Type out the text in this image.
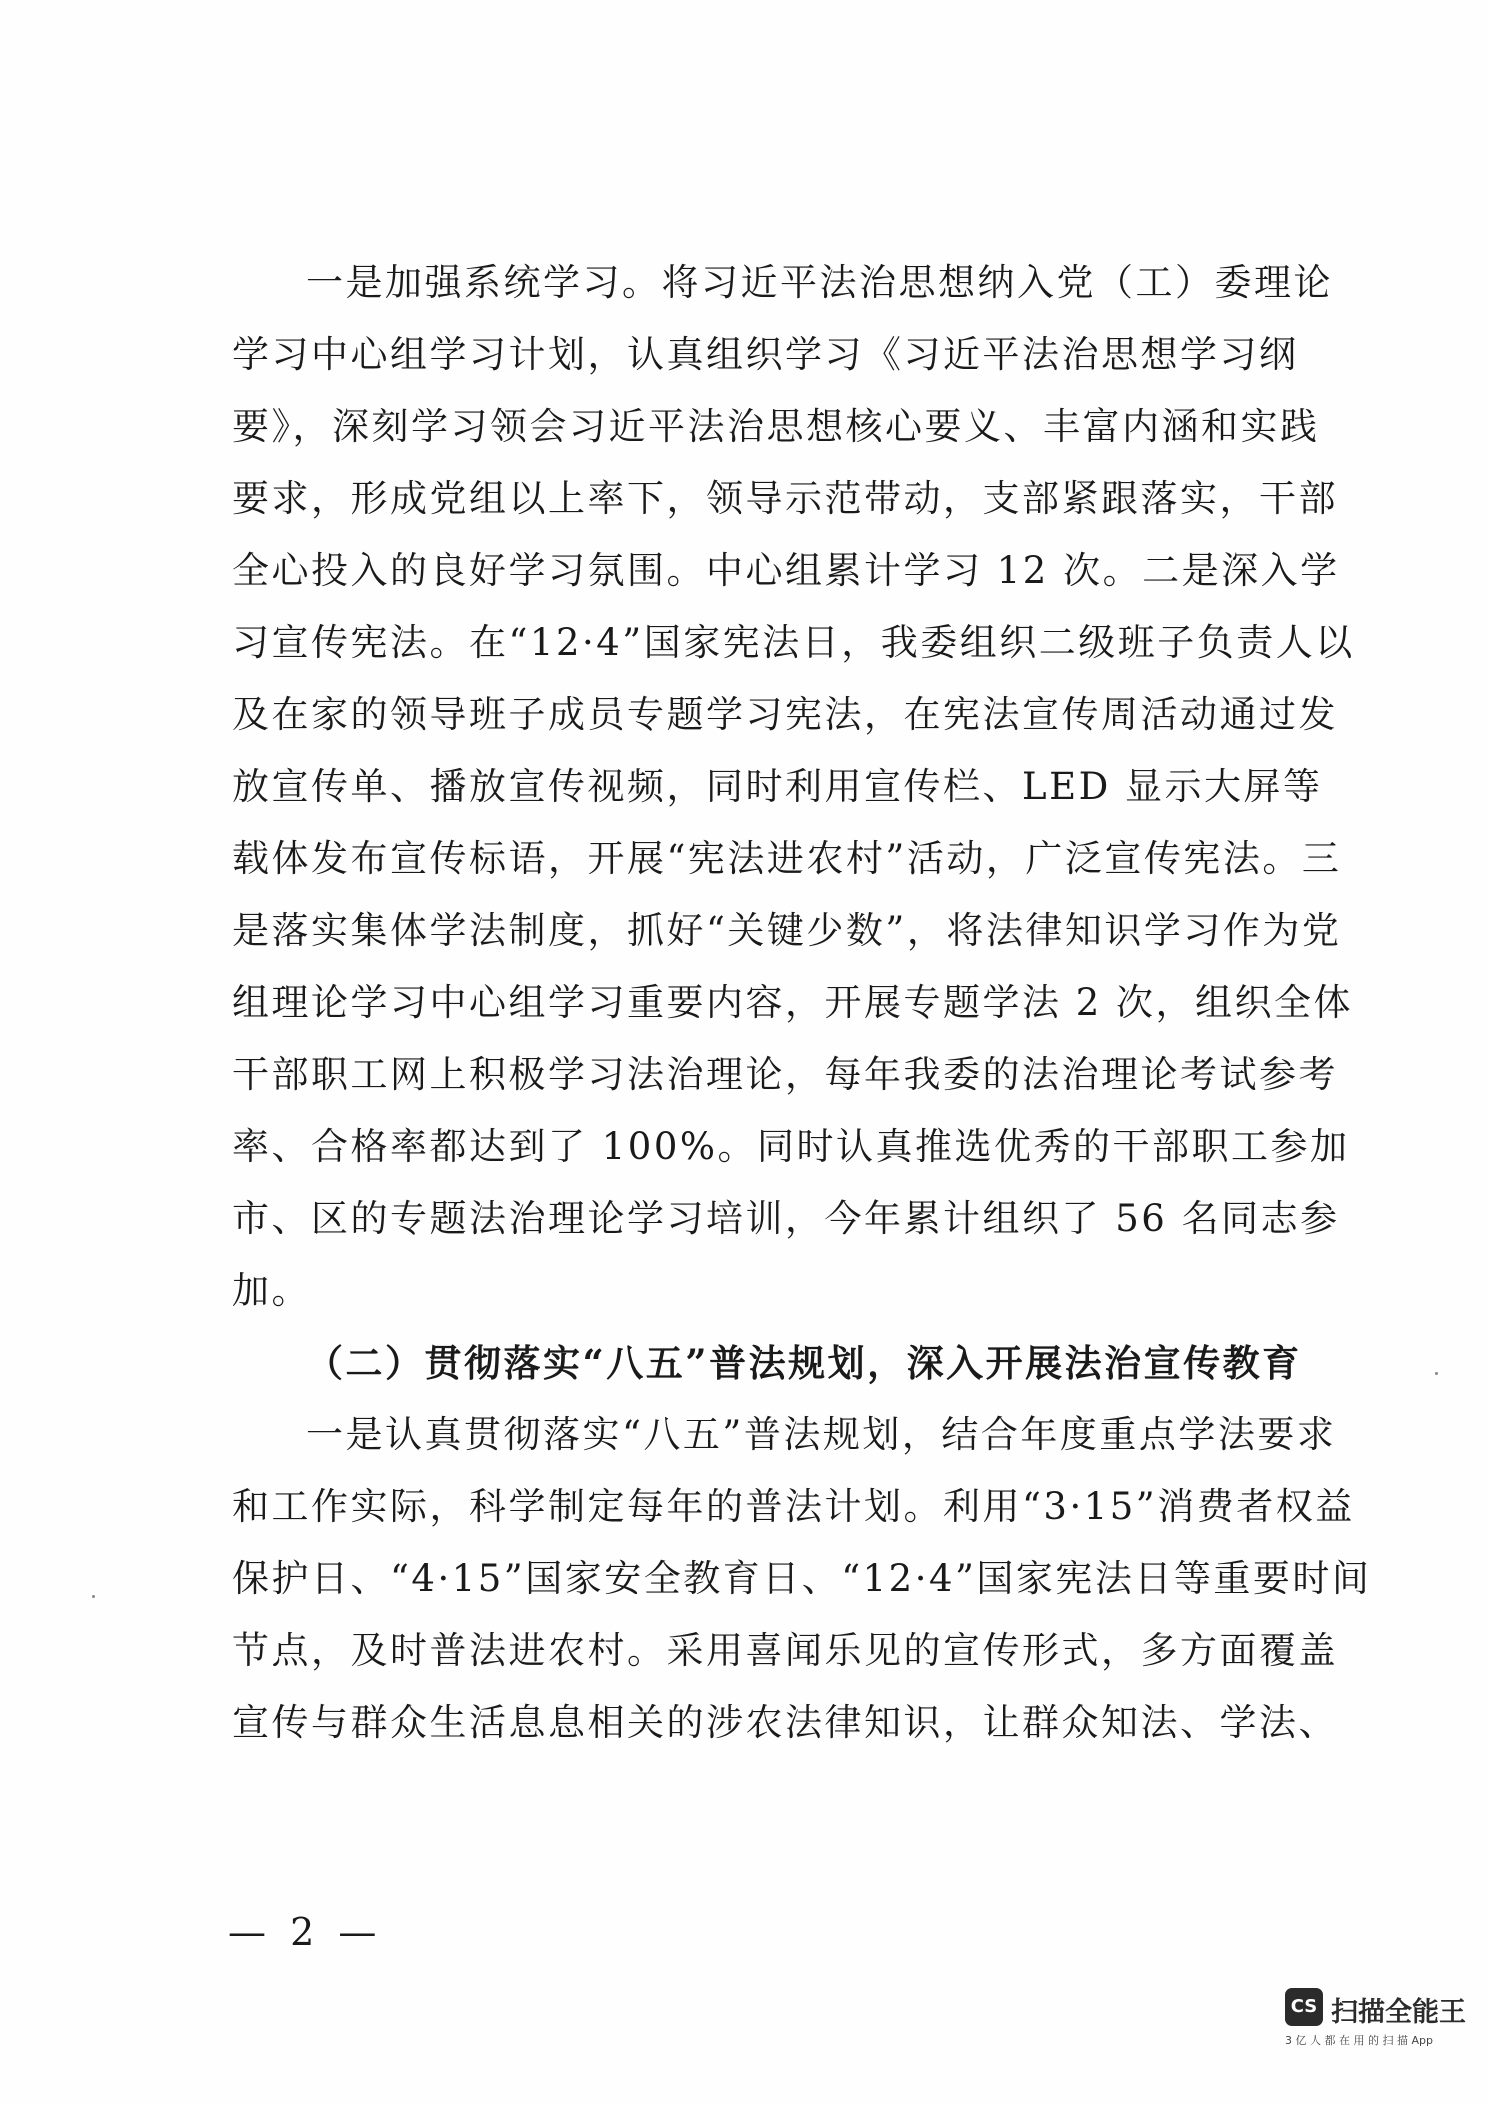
一是加强系统学习。将习近平法治思想纳入党（工）委理论
学习中心组学习计划，认真组织学习《习近平法治思想学习纲
要》，深刻学习领会习近平法治思想核心要义、丰富内涵和实践
要求，形成党组以上率下，领导示范带动，支部紧跟落实，干部
全心投入的良好学习氛围。中心组累计学习 12 次。二是深入学
习宣传宪法。在“12·4”国家宪法日，我委组织二级班子负责人以
及在家的领导班子成员专题学习宪法，在宪法宣传周活动通过发
放宣传单、播放宣传视频，同时利用宣传栏、LED 显示大屏等
载体发布宣传标语，开展“宪法进农村”活动，广泛宣传宪法。三
是落实集体学法制度，抓好“关键少数”，将法律知识学习作为党
组理论学习中心组学习重要内容，开展专题学法 2 次，组织全体
干部职工网上积极学习法治理论，每年我委的法治理论考试参考
率、合格率都达到了 100%。同时认真推选优秀的干部职工参加
市、区的专题法治理论学习培训，今年累计组织了 56 名同志参
加。
（二）贯彻落实“八五”普法规划，深入开展法治宣传教育
一是认真贯彻落实“八五”普法规划，结合年度重点学法要求
和工作实际，科学制定每年的普法计划。利用“3·15”消费者权益
保护日、“4·15”国家安全教育日、“12·4”国家宪法日等重要时间
节点，及时普法进农村。采用喜闻乐见的宣传形式，多方面覆盖
宣传与群众生活息息相关的涉农法律知识，让群众知法、学法、
— 2 —
CS 扫描全能王
3 亿 人 都 在 用 的 扫 描 App
